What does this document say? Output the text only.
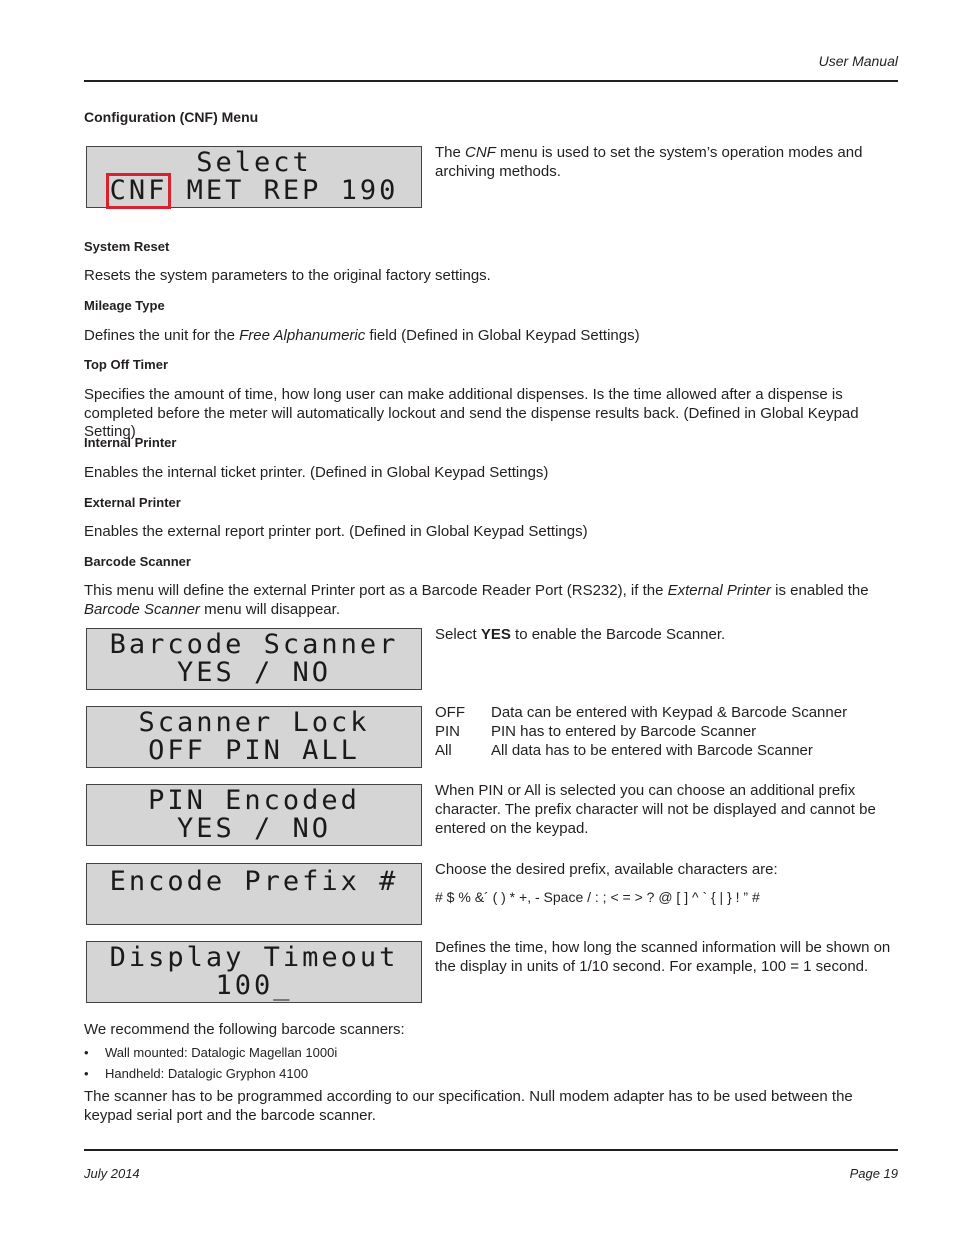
User Manual
Configuration (CNF) Menu
Select
CNF MET REP 190
The CNF menu is used to set the system’s operation modes and archiving methods.
System Reset
Resets the system parameters to the original factory settings.
Mileage Type
Defines the unit for the Free Alphanumeric field (Defined in Global Keypad Settings)
Top Off Timer
Specifies the amount of time, how long user can make additional dispenses. Is the time allowed after a dispense is completed before the meter will automatically lockout and send the dispense results back. (Defined in Global Keypad Setting)
Internal Printer
Enables the internal ticket printer. (Defined in Global Keypad Settings)
External Printer
Enables the external report printer port. (Defined in Global Keypad Settings)
Barcode Scanner
This menu will define the external Printer port as a Barcode Reader Port (RS232), if the External Printer is enabled the Barcode Scanner menu will disappear.
Barcode Scanner
YES / NO
Select YES to enable the Barcode Scanner.
Scanner Lock
OFF PIN ALL
OFF	Data can be entered with Keypad & Barcode Scanner
PIN	PIN has to entered by Barcode Scanner
All	All data has to be entered with Barcode Scanner
PIN Encoded
YES / NO
When PIN or All is selected you can choose an additional prefix character. The prefix character will not be displayed and cannot be entered on the keypad.
Encode Prefix # Choose the desired prefix, available characters are:
# $ % &´ ( ) * +, - Space / : ; < = > ? @ [ ] ^ ` { | } ! ” #
Display Timeout
100_
Defines the time, how long the scanned information will be shown on the display in units of 1/10 second. For example, 100 = 1 second.
We recommend the following barcode scanners:
• Wall mounted: Datalogic Magellan 1000i
• Handheld: Datalogic Gryphon 4100
The scanner has to be programmed according to our specification. Null modem adapter has to be used between the keypad serial port and the barcode scanner.
July 2014	Page 19
